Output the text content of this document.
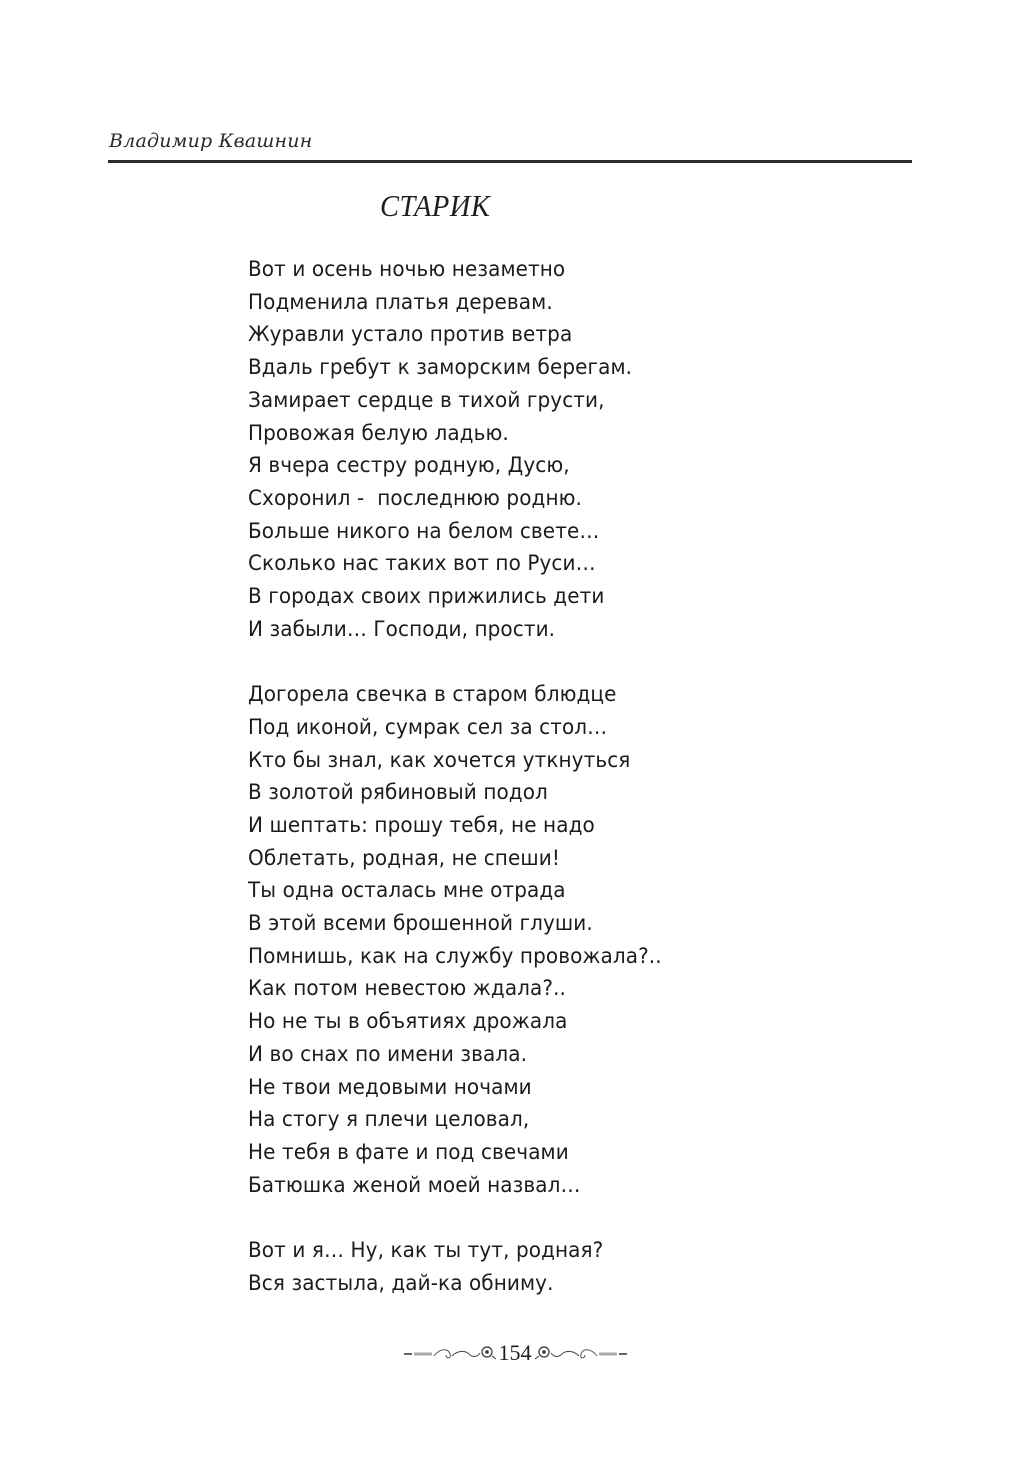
Владимир Квашнин
СТАРИК
Вот и осень ночью незаметно
Подменила платья деревам.
Журавли устало против ветра
Вдаль гребут к заморским берегам.
Замирает сердце в тихой грусти,
Провожая белую ладью.
Я вчера сестру родную, Дусю,
Схоронил -  последнюю родню.
Больше никого на белом свете…
Сколько нас таких вот по Руси…
В городах своих прижились дети
И забыли… Господи, прости.
Догорела свечка в старом блюдце
Под иконой, сумрак сел за стол…
Кто бы знал, как хочется уткнуться
В золотой рябиновый подол
И шептать: прошу тебя, не надо
Облетать, родная, не спеши!
Ты одна осталась мне отрада
В этой всеми брошенной глуши.
Помнишь, как на службу провожала?..
Как потом невестою ждала?..
Но не ты в объятиях дрожала
И во снах по имени звала.
Не твои медовыми ночами
На стогу я плечи целовал,
Не тебя в фате и под свечами
Батюшка женой моей назвал…
Вот и я… Ну, как ты тут, родная?
Вся застыла, дай-ка обниму.
154
